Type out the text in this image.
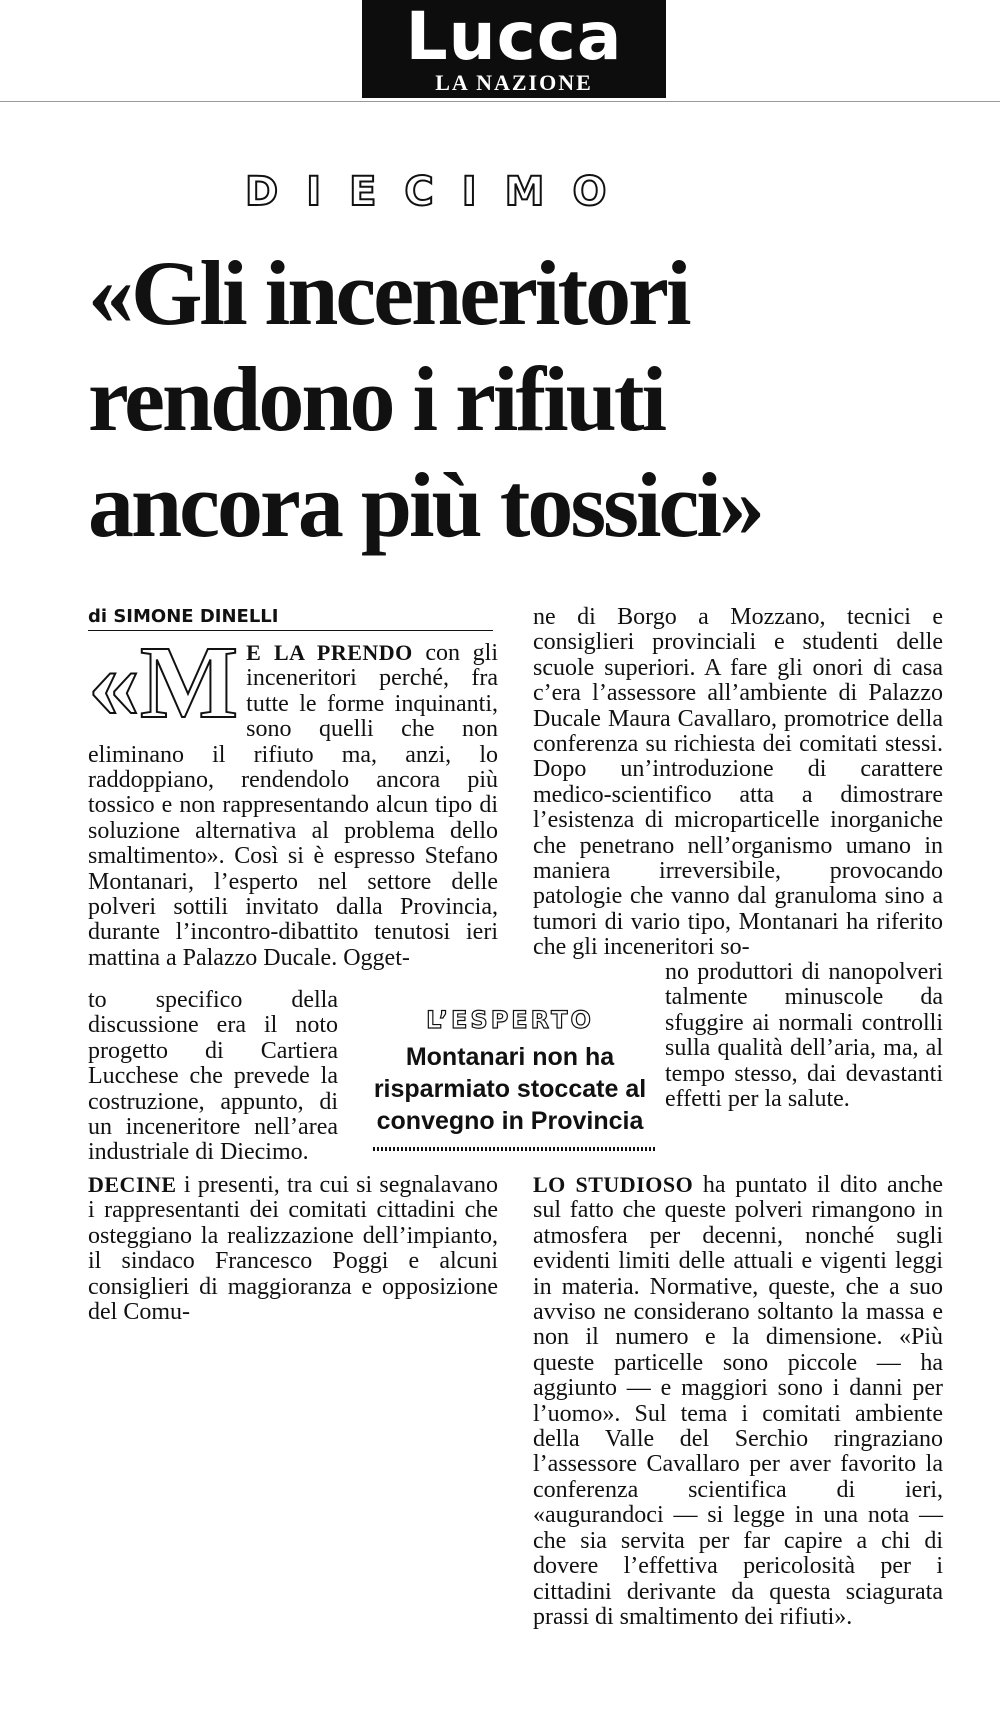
Lucca
LA NAZIONE
DIECIMO
«Gli inceneritori
rendono i rifiuti
ancora più tossici»
di SIMONE DINELLI

«M E LA PRENDO con gli inceneritori perché, fra tutte le forme inquinanti, sono quelli che non eliminano il rifiuto ma, anzi, lo raddoppiano, rendendolo ancora più tossico e non rappresentando alcun tipo di soluzione alternativa al problema dello smaltimento». Così si è espresso Stefano Montanari, l’esperto nel settore delle polveri sottili invitato dalla Provincia, durante l’incontro-dibattito tenutosi ieri mattina a Palazzo Ducale. Ogget-

to specifico della discussione era il noto progetto di Cartiera Lucchese che prevede la costruzione, appunto, di un inceneritore nell’area industriale di Diecimo.

DECINE i presenti, tra cui si segnalavano i rappresentanti dei comitati cittadini che osteggiano la realizzazione dell’impianto, il sindaco Francesco Poggi e alcuni consiglieri di maggioranza e opposizione del Comu-

ne di Borgo a Mozzano, tecnici e consiglieri provinciali e studenti delle scuole superiori. A fare gli onori di casa c’era l’assessore all’ambiente di Palazzo Ducale Maura Cavallaro, promotrice della conferenza su richiesta dei comitati stessi. Dopo un’introduzione di carattere medico-scientifico atta a dimostrare l’esistenza di microparticelle inorganiche che penetrano nell’organismo umano in maniera irreversibile, provocando patologie che vanno dal granuloma sino a tumori di vario tipo, Montanari ha riferito che gli inceneritori so-

no produttori di nanopolveri talmente minuscole da sfuggire ai normali controlli sulla qualità dell’aria, ma, al tempo stesso, dai devastanti effetti per la salute.

LO STUDIOSO ha puntato il dito anche sul fatto che queste polveri rimangono in atmosfera per decenni, nonché sugli evidenti limiti delle attuali e vigenti leggi in materia. Normative, queste, che a suo avviso ne considerano soltanto la massa e non il numero e la dimensione. «Più queste particelle sono piccole — ha aggiunto — e maggiori sono i danni per l’uomo». Sul tema i comitati ambiente della Valle del Serchio ringraziano l’assessore Cavallaro per aver favorito la conferenza scientifica di ieri, «augurandoci — si legge in una nota — che sia servita per far capire a chi di dovere l’effettiva pericolosità per i cittadini derivante da questa sciagurata prassi di smaltimento dei rifiuti».

L’ESPERTO
Montanari non ha risparmiato stoccate al convegno in Provincia
